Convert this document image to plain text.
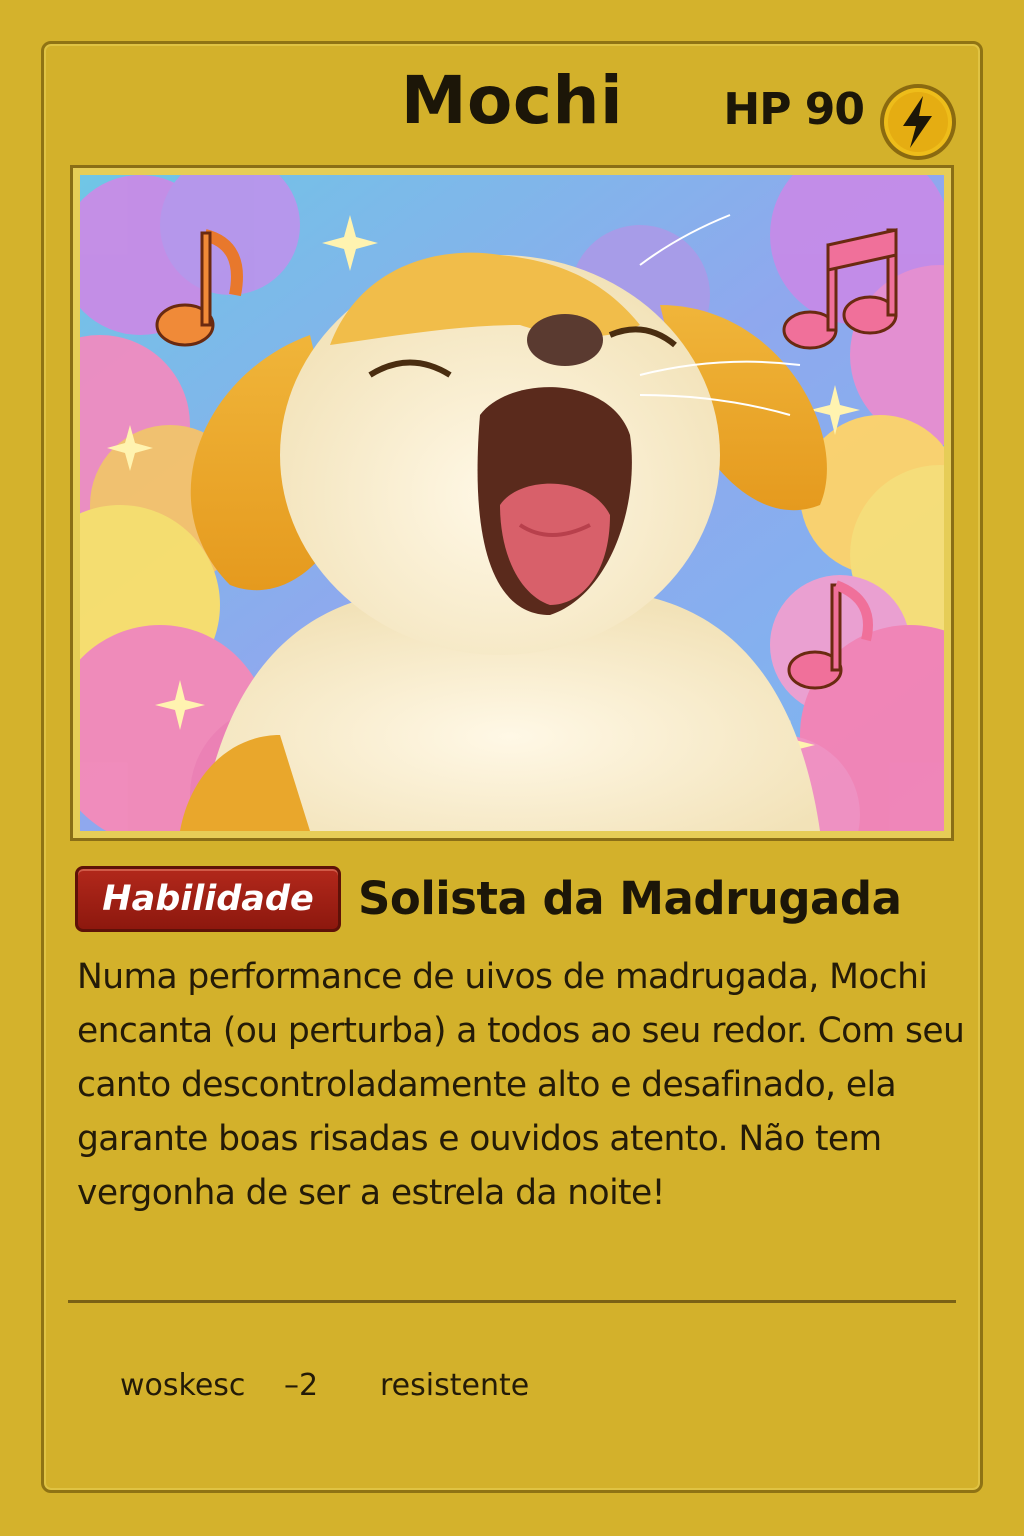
Mochi	HP 90
Habilidade Solista da Madrugada
Numa performance de uivos de madrugada, Mochi encanta (ou perturba) a todos ao seu redor. Com seu canto descontroladamente alto e desafinado, ela garante boas risadas e ouvidos atento. Não tem vergonha de ser a estrela da noite!
woskesc –2 resistente
